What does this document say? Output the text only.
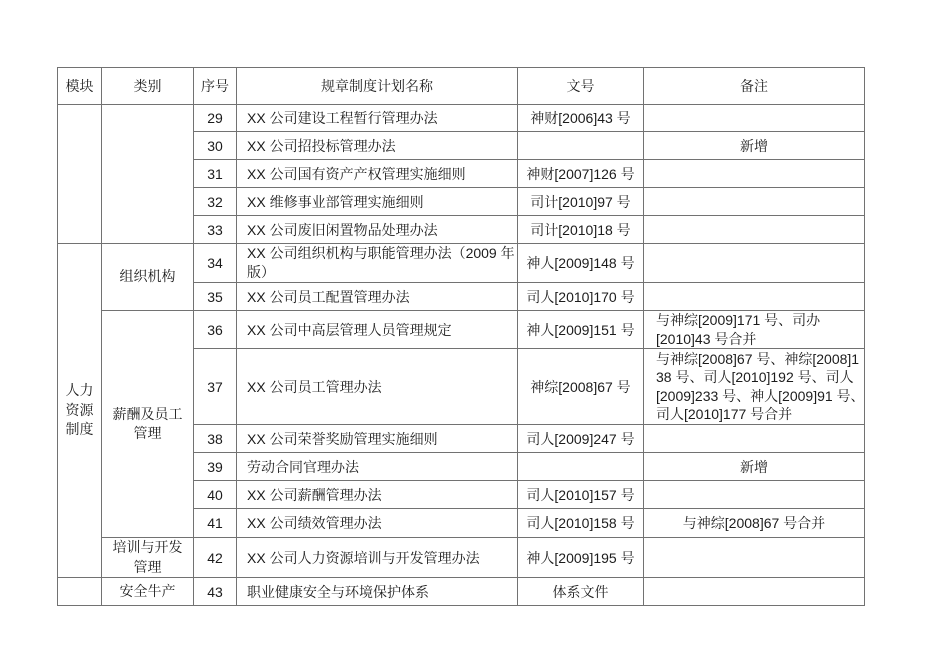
模块	类别	序号	规章制度计划名称	文号	备注
		29	XX 公司建设工程暂行管理办法	神财[2006]43 号	
		30	XX 公司招投标管理办法		新增
		31	XX 公司国有资产产权管理实施细则	神财[2007]126 号	
		32	XX 维修事业部管理实施细则	司计[2010]97 号	
		33	XX 公司废旧闲置物品处理办法	司计[2010]18 号	

人力资源制度	组织机构	34	XX 公司组织机构与职能管理办法（2009 年
版）	神人[2009]148 号	
		35	XX 公司员工配置管理办法	司人[2010]170 号	

	薪酬及员工管理	36	XX 公司中高层管理人员管理规定	神人[2009]151 号	与神综[2009]171 号、司办
[2010]43 号合并

		37	XX 公司员工管理办法	神综[2008]67 号	与神综[2008]67 号、神综[2008]1
38 号、司人[2010]192 号、司人
[2009]233 号、神人[2009]91 号、
司人[2010]177 号合并

		38	XX 公司荣誉奖励管理实施细则	司人[2009]247 号	
		39	劳动合同官理办法		新增
		40	XX 公司薪酬管理办法	司人[2010]157 号	
		41	XX 公司绩效管理办法	司人[2010]158 号	与神综[2008]67 号合并

	培训与开发管理	42	XX 公司人力资源培训与开发管理办法	神人[2009]195 号	

	安全牛产	43	职业健康安全与环境保护体系	体系文件	
